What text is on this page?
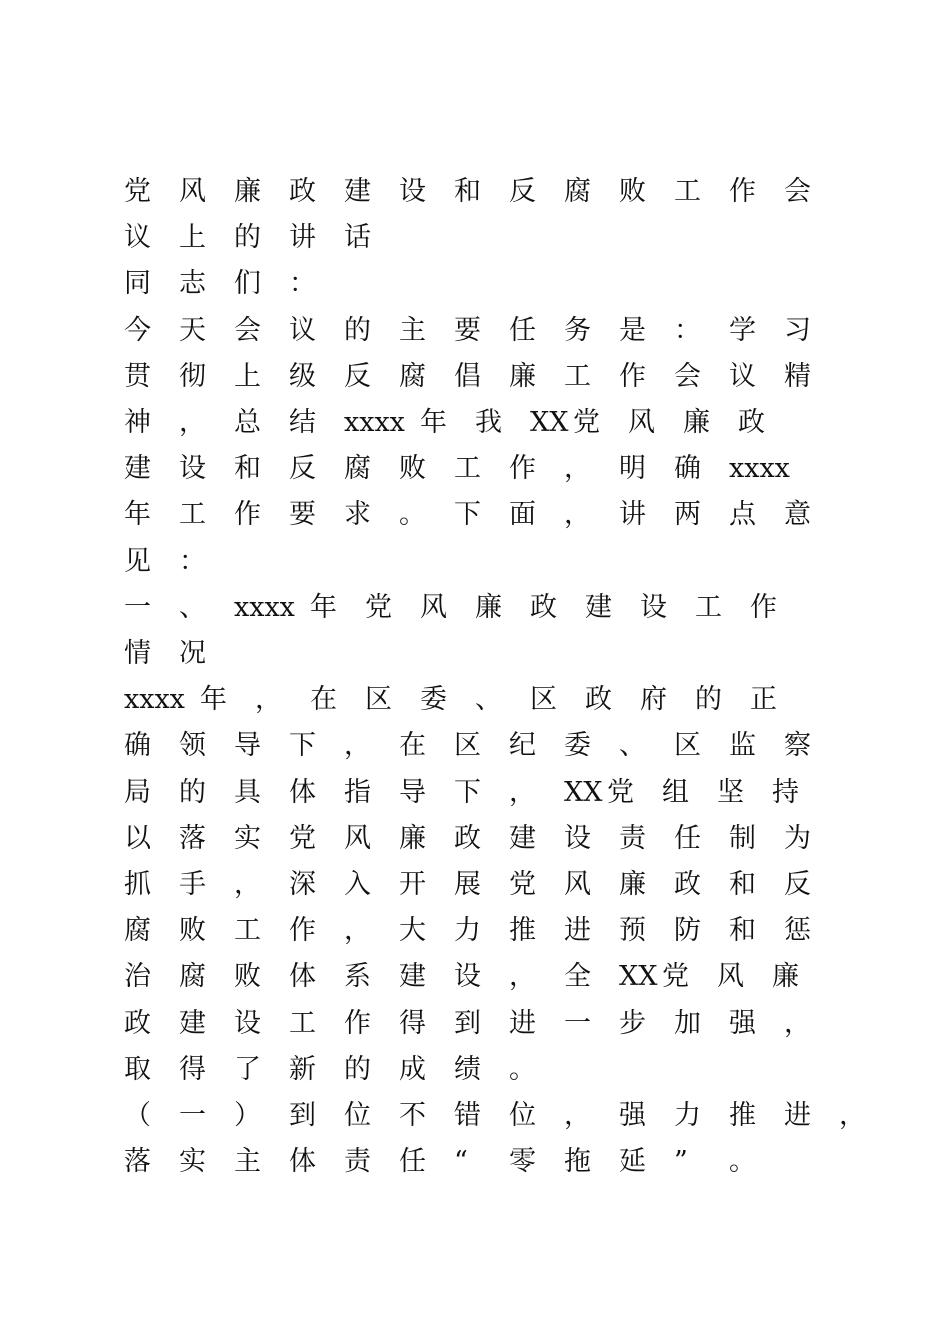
党 风 廉 政 建 设 和 反 腐 败 工 作 会
议 上 的 讲 话
同 志 们 ：
今 天 会 议 的 主 要 任 务 是 ： 学 习
贯 彻 上 级 反 腐 倡 廉 工 作 会 议 精
神 ， 总 结 xxxx 年 我 XX 党 风 廉 政
建 设 和 反 腐 败 工 作 ， 明 确 xxxx
年 工 作 要 求 。 下 面 ， 讲 两 点 意
见 ：
一 、 xxxx 年 党 风 廉 政 建 设 工 作
情 况
xxxx 年 ， 在 区 委 、 区 政 府 的 正
确 领 导 下 ， 在 区 纪 委 、 区 监 察
局 的 具 体 指 导 下 ， XX 党 组 坚 持
以 落 实 党 风 廉 政 建 设 责 任 制 为
抓 手 ， 深 入 开 展 党 风 廉 政 和 反
腐 败 工 作 ， 大 力 推 进 预 防 和 惩
治 腐 败 体 系 建 设 ， 全 XX 党 风 廉
政 建 设 工 作 得 到 进 一 步 加 强 ，
取 得 了 新 的 成 绩 。
（ 一 ） 到 位 不 错 位 ， 强 力 推 进 ，
落 实 主 体 责 任 “ 零 拖 延 ” 。
